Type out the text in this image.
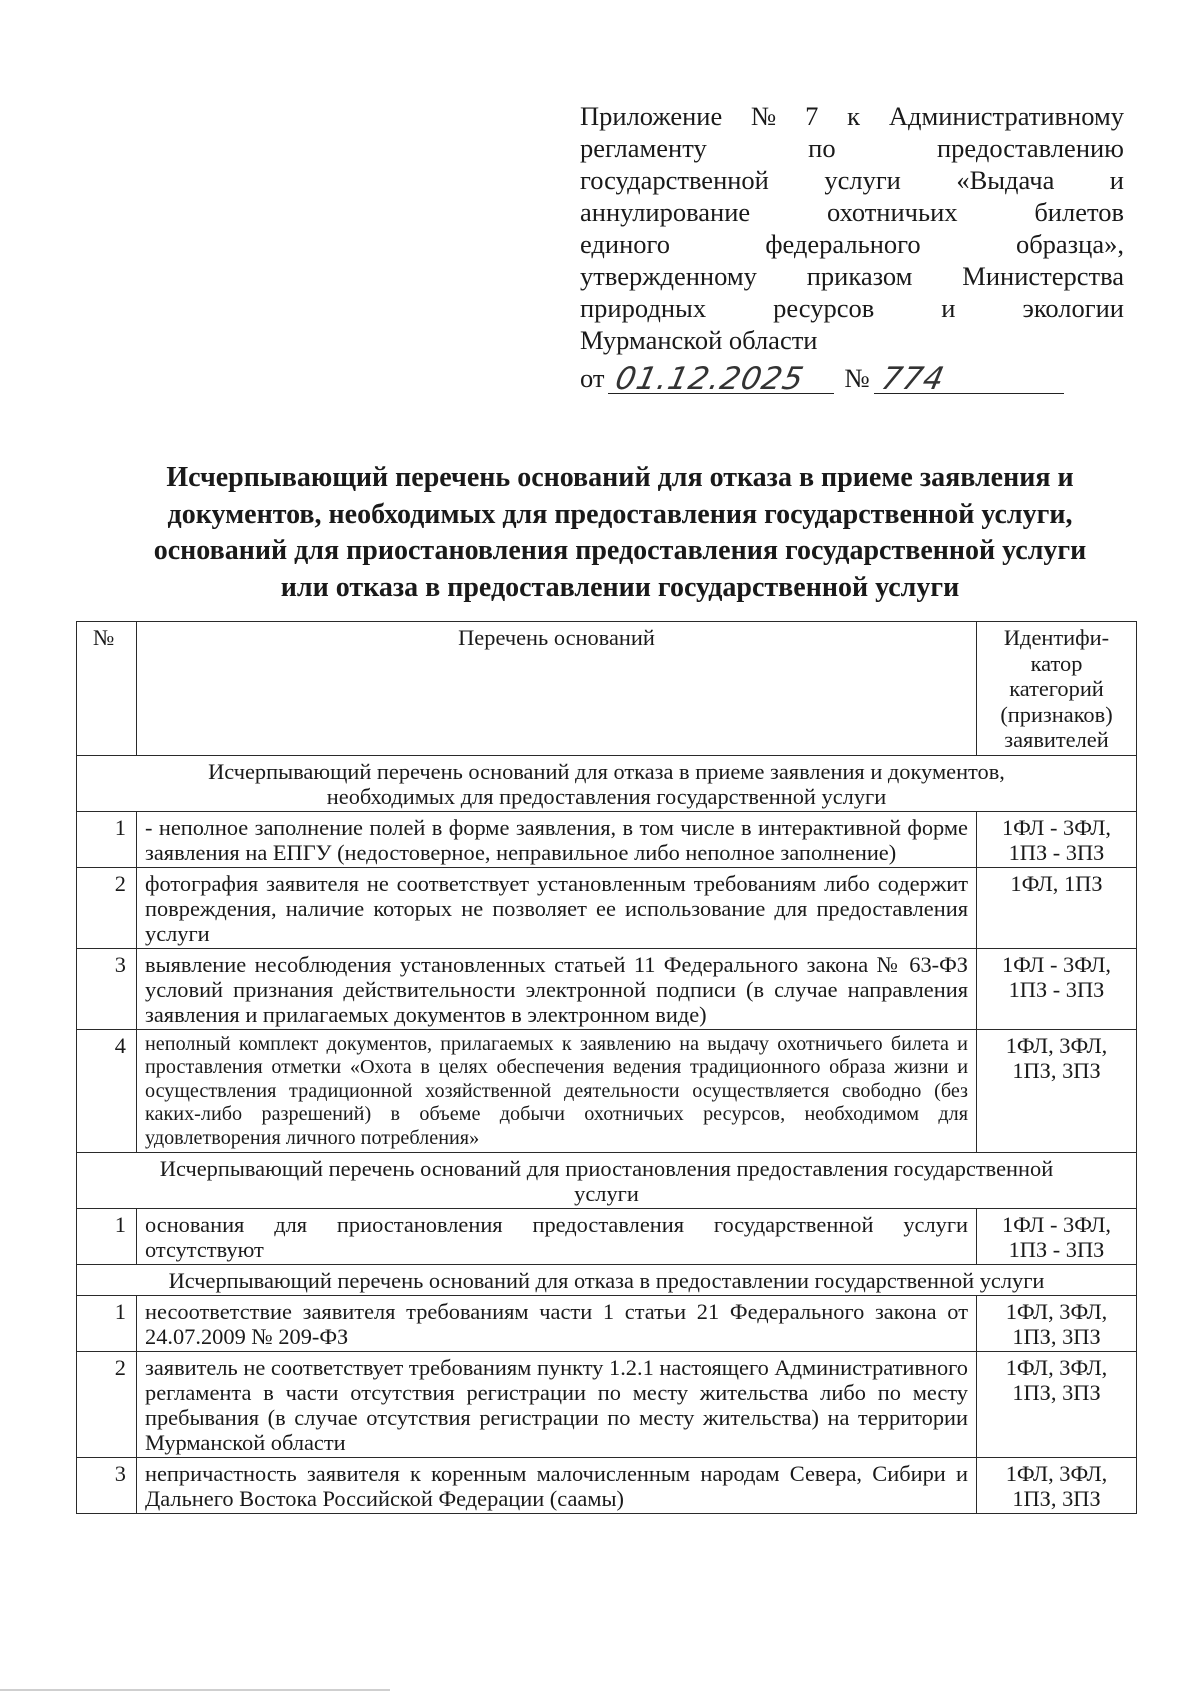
Приложение № 7 к Административному
регламенту	по	предоставлению
государственной услуги «Выдача и
аннулирование	охотничьих	билетов
единого	федерального	образца»,
утвержденному приказом Министерства
природных	ресурсов	и	экологии
Мурманской области
от 01.12.2025 № 774
Исчерпывающий перечень оснований для отказа в приеме заявления и
документов, необходимых для предоставления государственной услуги,
оснований для приостановления предоставления государственной услуги
или отказа в предоставлении государственной услуги
№	Перечень оснований	Идентифи-
катор
категорий
(признаков)
заявителей

Исчерпывающий перечень оснований для отказа в приеме заявления и документов,
необходимых для предоставления государственной услуги		

1	- неполное заполнение полей в форме заявления, в том числе в интерактивной форме заявления на ЕПГУ (недостоверное, неправильное либо неполное заполнение)	1ФЛ - 3ФЛ,
1ПЗ - 3ПЗ

2	фотография заявителя не соответствует установленным требованиям либо содержит повреждения, наличие которых не позволяет ее использование для предоставления услуги	1ФЛ, 1ПЗ

3	выявление несоблюдения установленных статьей 11 Федерального закона № 63-ФЗ условий признания действительности электронной подписи (в случае направления заявления и прилагаемых документов в электронном виде)	1ФЛ - 3ФЛ,
1ПЗ - 3ПЗ

4	неполный комплект документов, прилагаемых к заявлению на выдачу охотничьего билета и проставления отметки «Охота в целях обеспечения ведения традиционного образа жизни и осуществления традиционной хозяйственной деятельности осуществляется свободно (без каких-либо разрешений) в объеме добычи охотничьих ресурсов, необходимом для удовлетворения личного потребления»	1ФЛ, 3ФЛ,
1ПЗ, 3ПЗ

Исчерпывающий перечень оснований для приостановления предоставления государственной
услуги		

1	основания для приостановления предоставления государственной услуги отсутствуют	1ФЛ - 3ФЛ,
1ПЗ - 3ПЗ

Исчерпывающий перечень оснований для отказа в предоставлении государственной услуги		

1	несоответствие заявителя требованиям части 1 статьи 21 Федерального закона от 24.07.2009 № 209-ФЗ	1ФЛ, 3ФЛ,
1ПЗ, 3ПЗ

2	заявитель не соответствует требованиям пункту 1.2.1 настоящего Административного регламента в части отсутствия регистрации по месту жительства либо по месту пребывания (в случае отсутствия регистрации по месту жительства) на территории Мурманской области	1ФЛ, 3ФЛ,
1ПЗ, 3ПЗ

3	непричастность заявителя к коренным малочисленным народам Севера, Сибири и Дальнего Востока Российской Федерации (саамы)	1ФЛ, 3ФЛ,
1ПЗ, 3ПЗ
